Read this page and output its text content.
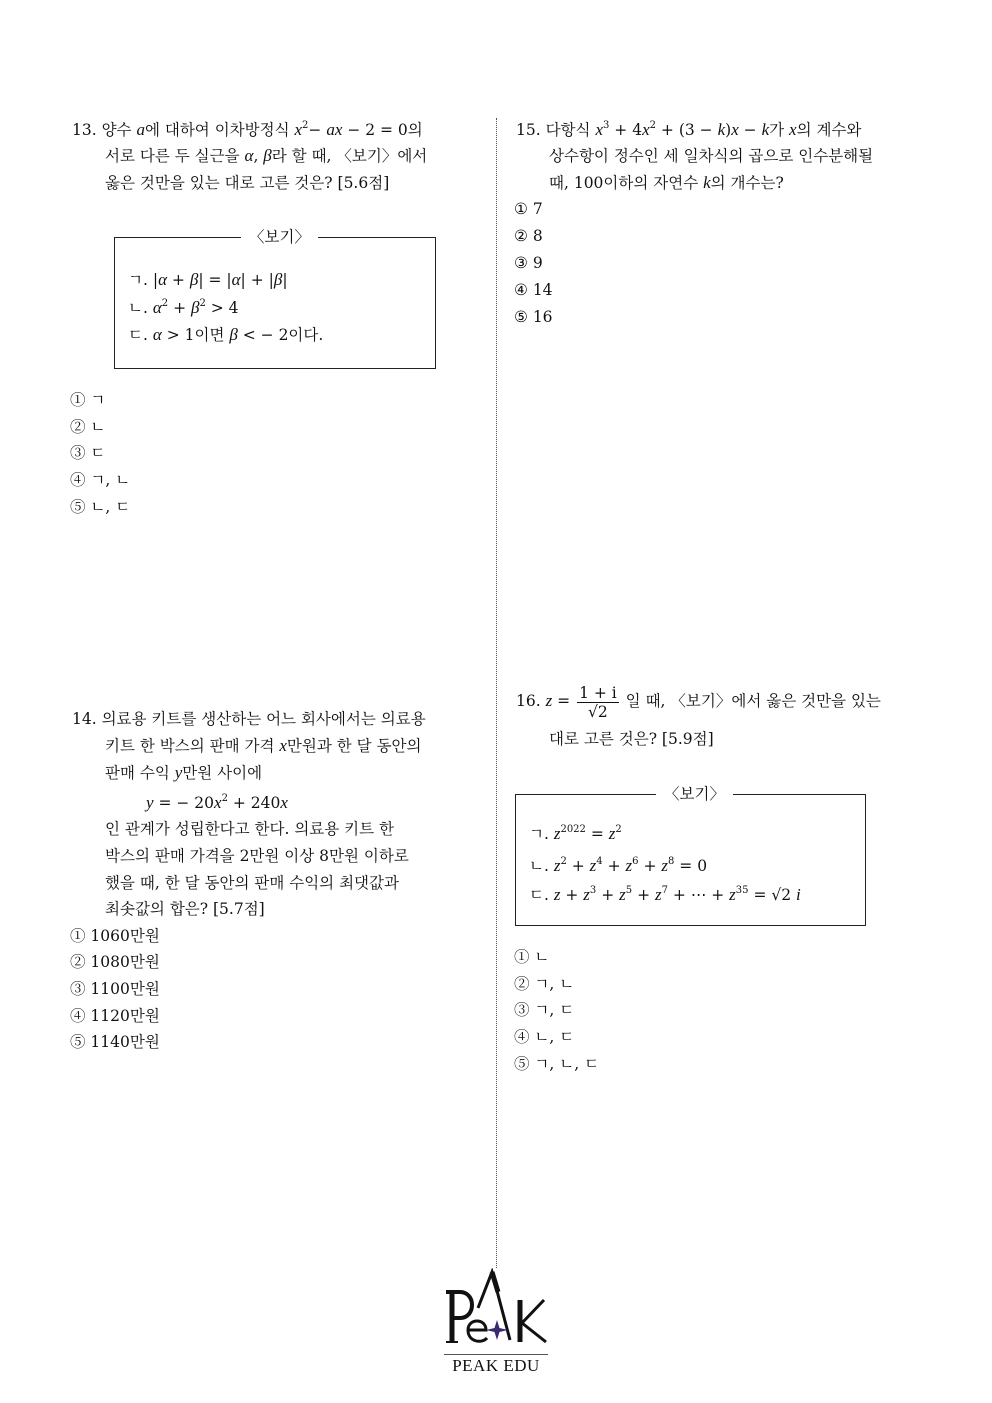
13. 양수 a에 대하여 이차방정식 $x^2-$ ax − 2 = 0의
서로 다른 두 실근을 α, β라 할 때, 〈보기〉에서
옳은 것만을 있는 대로 고른 것은? [5.6점]
〈보기〉
ㄱ. |α + β| = |α| + |β|
ㄴ. $\alpha^2 + \beta^2 > 4$
ㄷ. α > 1이면 β < − 2이다.
① ㄱ
② ㄴ
③ ㄷ
④ ㄱ, ㄴ
⑤ ㄴ, ㄷ
14. 의료용 키트를 생산하는 어느 회사에서는 의료용
키트 한 박스의 판매 가격 x만원과 한 달 동안의
판매 수익 y만원 사이에
y = − $20x^2 + 240x$
인 관계가 성립한다고 한다. 의료용 키트 한
박스의 판매 가격을 2만원 이상 8만원 이하로
했을 때, 한 달 동안의 판매 수익의 최댓값과
최솟값의 합은? [5.7점]
① 1060만원
② 1080만원
③ 1100만원
④ 1120만원
⑤ 1140만원
15. 다항식 $x^3 + 4x^2 + (3 - k)x - k$가 x의 계수와
상수항이 정수인 세 일차식의 곱으로 인수분해될
때, 100이하의 자연수 k의 개수는?
① 7
② 8
③ 9
④ 14
⑤ 16
16. $z = \frac{1 + i}{√2}$ 일 때, 〈보기〉에서 옳은 것만을 있는
대로 고른 것은? [5.9점]
〈보기〉
ㄱ. $z^{2022} = z^2$
ㄴ. $z^2 + z^4 + z^6 + z^8 = 0$
ㄷ. $z + z^3 + z^5 + z^7$ + ⋯ + $z^{35} = √2$ i
① ㄴ
② ㄱ, ㄴ
③ ㄱ, ㄷ
④ ㄴ, ㄷ
⑤ ㄱ, ㄴ, ㄷ
PEAK EDU
